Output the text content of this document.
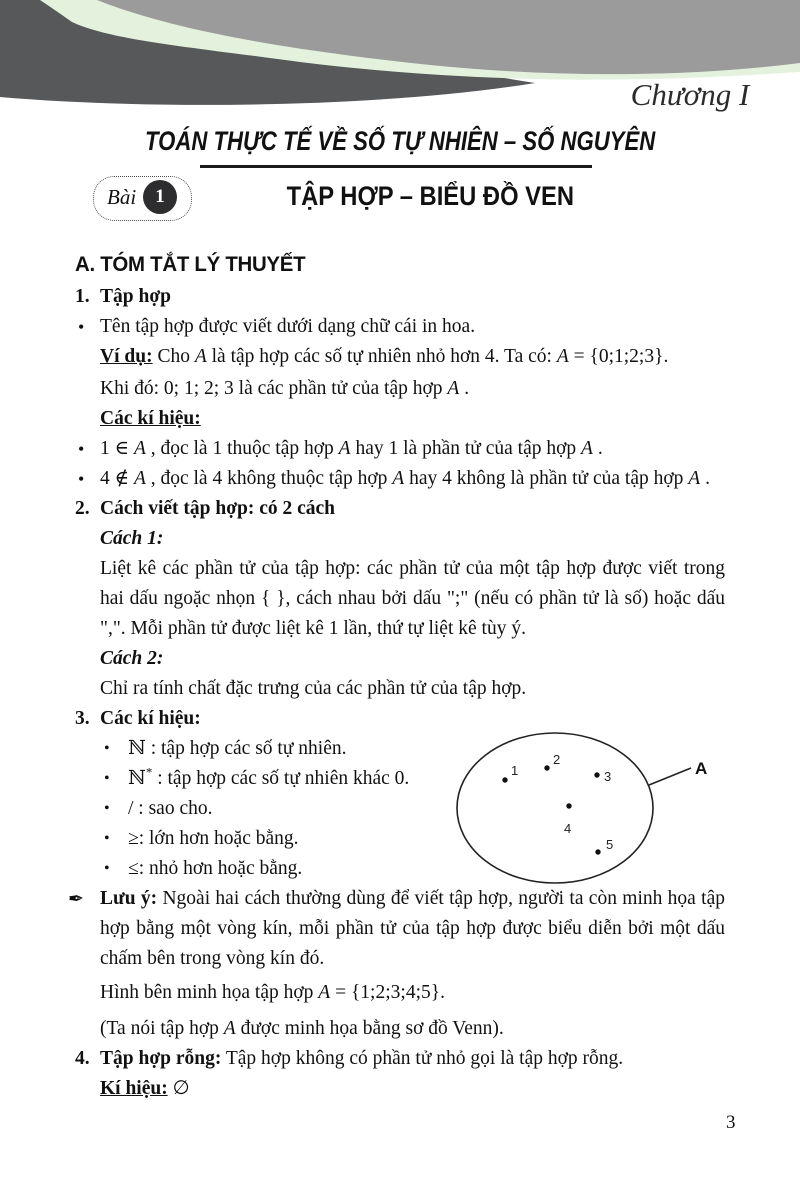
Chương I
TOÁN THỰC TẾ VỀ SỐ TỰ NHIÊN – SỐ NGUYÊN
Bài	1	TẬP HỢP – BIỂU ĐỒ VEN

A. TÓM TẮT LÝ THUYẾT

1. Tập hợp

• Tên tập hợp được viết dưới dạng chữ cái in hoa.

Ví dụ: Cho A là tập hợp các số tự nhiên nhỏ hơn 4. Ta có: A = {0;1;2;3}.

Khi đó: 0; 1; 2; 3 là các phần tử của tập hợp A .

Các kí hiệu:

• 1 ∈ A , đọc là 1 thuộc tập hợp A hay 1 là phần tử của tập hợp A .

• 4 ∉ A , đọc là 4 không thuộc tập hợp A hay 4 không là phần tử của tập hợp A .

2. Cách viết tập hợp: có 2 cách

Cách 1:

Liệt kê các phần tử của tập hợp: các phần tử của một tập hợp được viết trong hai dấu ngoặc nhọn { }, cách nhau bởi dấu ";" (nếu có phần tử là số) hoặc dấu ",". Mỗi phần tử được liệt kê 1 lần, thứ tự liệt kê tùy ý.

Cách 2:

Chỉ ra tính chất đặc trưng của các phần tử của tập hợp.

3. Các kí hiệu:

• ℕ : tập hợp các số tự nhiên.

• ℕ* : tập hợp các số tự nhiên khác 0.

• / : sao cho.

• ≥: lớn hơn hoặc bằng.

• ≤: nhỏ hơn hoặc bằng.

✒ Lưu ý: Ngoài hai cách thường dùng để viết tập hợp, người ta còn minh họa tập hợp bằng một vòng kín, mỗi phần tử của tập hợp được biểu diễn bởi một dấu chấm bên trong vòng kín đó.

Hình bên minh họa tập hợp A = {1;2;3;4;5}.

(Ta nói tập hợp A được minh họa bằng sơ đồ Venn).

4. Tập hợp rỗng: Tập hợp không có phần tử nhỏ gọi là tập hợp rỗng.

Kí hiệu: ∅

1
2
3
4
5
A
3
